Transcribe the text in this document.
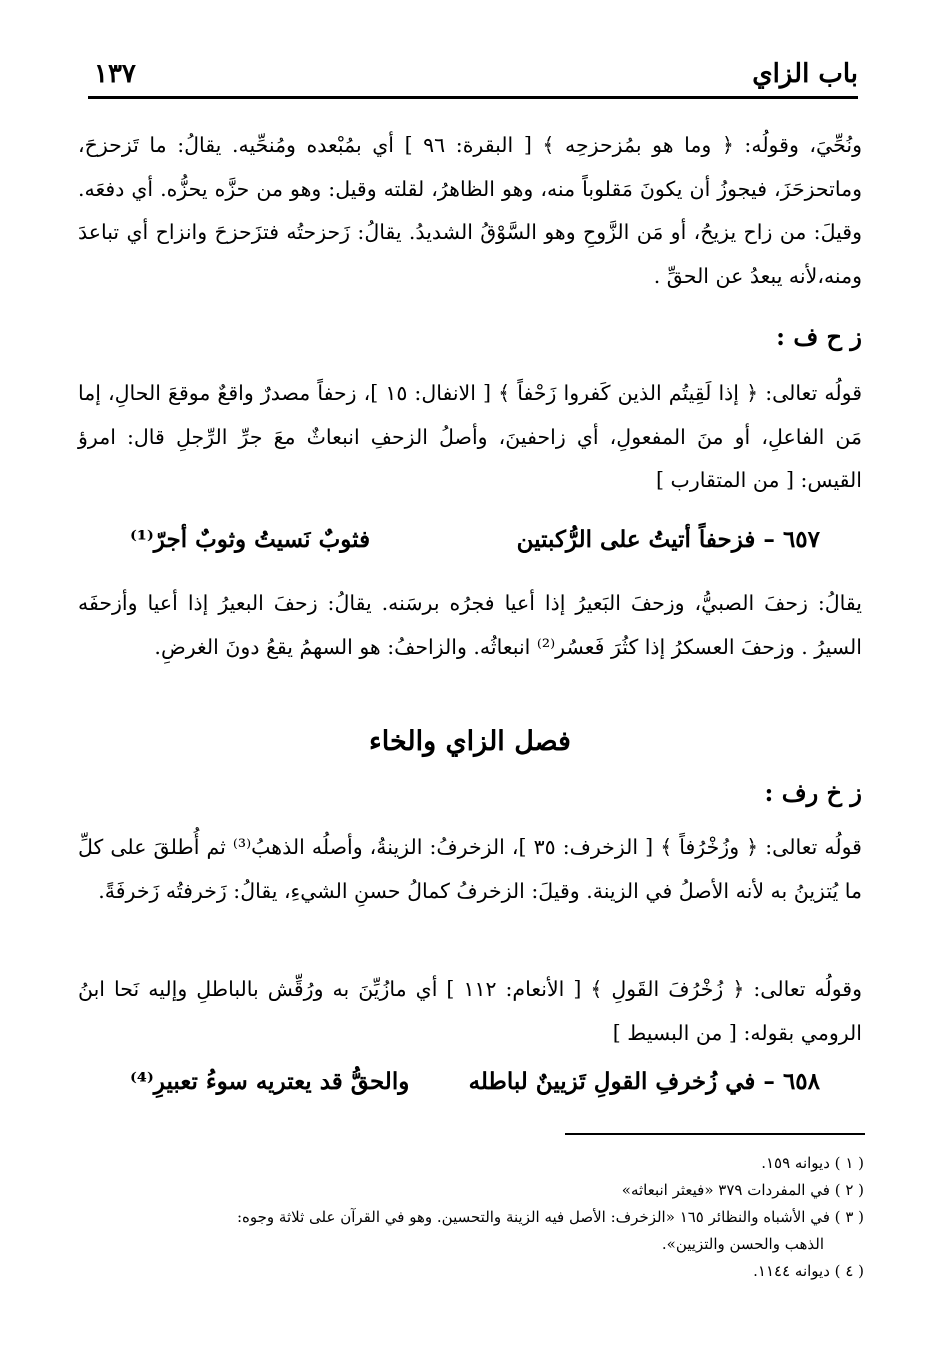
باب الزاي
١٣٧
ونُحِّيَ، وقولُه: ﴿ وما هو بمُزحزحِه ﴾ [ البقرة: ٩٦ ] أي بمُبْعده ومُنحِّيه. يقالُ: ما تَزحزحَ، وماتحزحَزَ، فيجوزُ أن يكونَ مَقلوباً منه، وهو الظاهرُ، لقلته وقيل: وهو من حزَّه يحزُّه. أي دفعَه. وقيلَ: من زاح يزيحُ، أو مَن الزَّوحِ وهو السَّوْقُ الشديدُ. يقالُ: زَحزحتُه فتزَحزحَ وانزاح أي تباعدَ ومنه،لأنه يبعدُ عن الحقِّ .
ز ح ف :
قولُه تعالى: ﴿ إذا لَقِيتُم الذين كَفروا زَحْفاً ﴾ [ الانفال: ١٥ ]، زحفاً مصدرٌ واقعٌ موقعَ الحالِ، إما مَن الفاعلِ، أو منَ المفعولِ، أي زاحفينَ، وأصلُ الزحفِ انبعاثٌ معَ جرِّ الرِّجلِ قال: امرؤ القيس: [ من المتقارب ]
٦٥٧ – فزحفاً أتيتُ على الرُّكبتين
فثوبٌ نَسيتُ وثوبٌ أجرّ⁽¹⁾
يقالُ: زحفَ الصبيُّ، وزحفَ البَعيرُ إذا أعيا فجرُه برسَنه. يقالُ: زحفَ البعيرُ إذا أعيا وأزحفَه السيرُ . وزحفَ العسكرُ إذا كثُرَ فَعسُر⁽²⁾ انبعاثُه. والزاحفُ: هو السهمُ يقعُ دونَ الغرضِ.
فصل الزاي والخاء
ز خ رف :
قولُه تعالى: ﴿ وزُخْرُفاً ﴾ [ الزخرف: ٣٥ ]، الزخرفُ: الزينةُ، وأصلُه الذهبُ⁽³⁾ ثم أُطلقَ على كلِّ ما يُتزينُ به لأنه الأصلُ في الزينة. وقيلَ: الزخرفُ كمالُ حسنِ الشيءِ، يقالُ: زَخرفتُه زَخرفَةً.
وقولُه تعالى: ﴿ زُخْرُفَ القَولِ ﴾ [ الأنعام: ١١٢ ] أي مازُيِّنَ به ورُقِّش بالباطلِ وإليه نَحا ابنُ الرومي بقوله: [ من البسيط ]
٦٥٨ – في زُخرفِ القولِ تَزيينٌ لباطله
والحقُّ قد يعتريه سوءُ تعبيرِ⁽⁴⁾
( ١ ) ديوانه ١٥٩.
( ٢ ) في المفردات ٣٧٩ «فيعثر انبعاثه»
( ٣ ) في الأشباه والنظائر ١٦٥ «الزخرف: الأصل فيه الزينة والتحسين. وهو في القرآن على ثلاثة وجوه:
الذهب والحسن والتزيين».
( ٤ ) ديوانه ١١٤٤.
